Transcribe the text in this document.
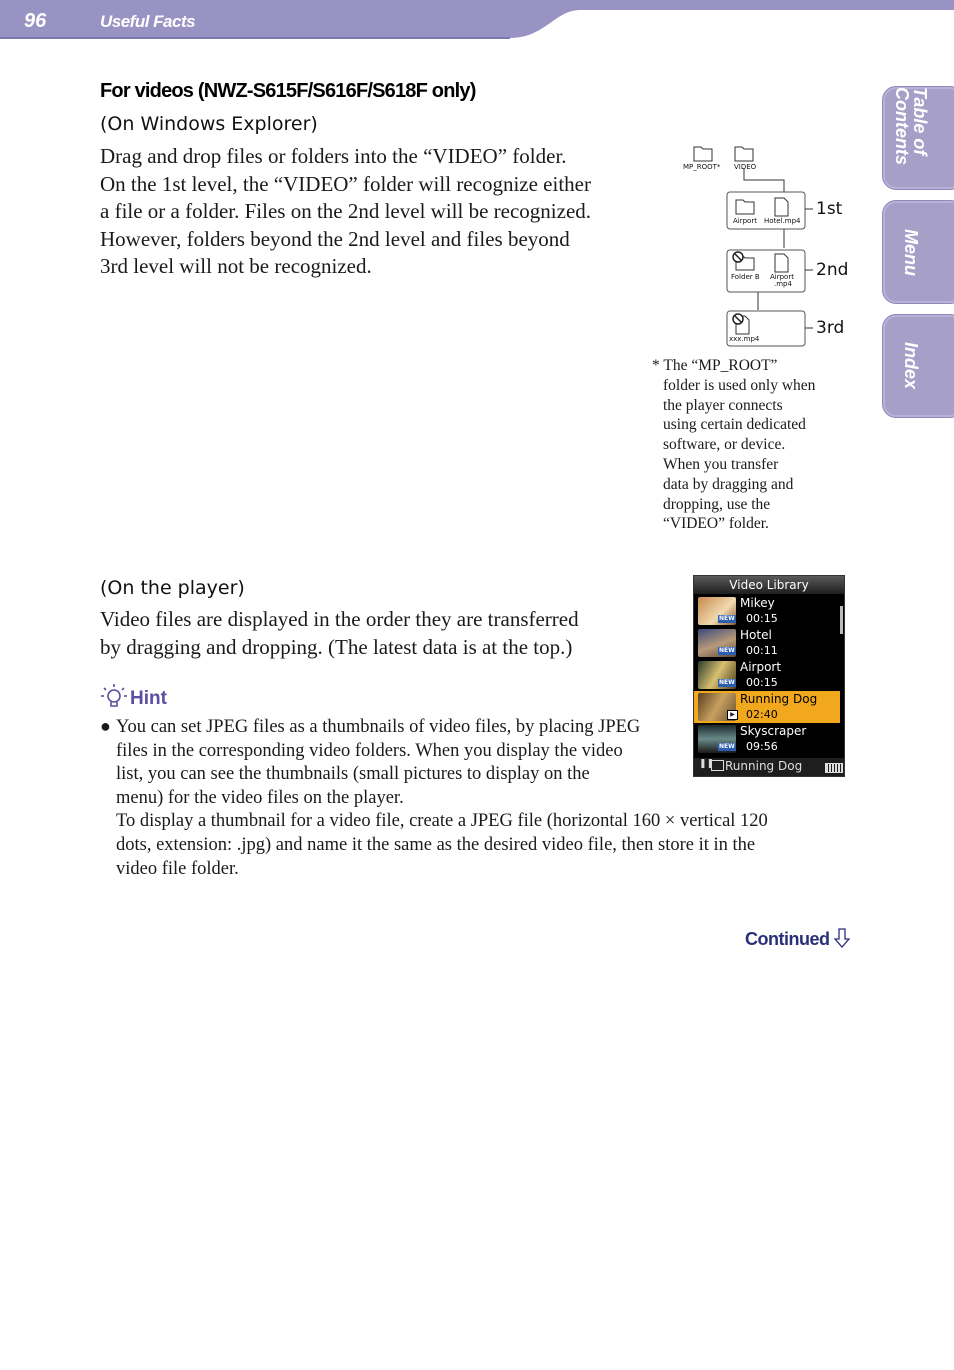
96	Useful Facts
Table of Contents
Menu
Index
For videos (NWZ-S615F/S616F/S618F only)
(On Windows Explorer)
Drag and drop files or folders into the “VIDEO” folder.
On the 1st level, the “VIDEO” folder will recognize either
a file or a folder. Files on the 2nd level will be recognized.
However, folders beyond the 2nd level and files beyond
3rd level will not be recognized.
MP_ROOT* VIDEO
Airport Hotel.mp4
1st
Folder B Airport
.mp4
2nd
xxx.mp4
3rd
* The “MP_ROOT”
folder is used only when
the player connects
using certain dedicated
software, or device.
When you transfer
data by dragging and
dropping, use the
“VIDEO” folder.
(On the player)
Video files are displayed in the order they are transferred
by dragging and dropping. (The latest data is at the top.)
Video Library
NEW
Mikey
00:15
NEW
Hotel
00:11
NEW
Airport
00:15
▶
Running Dog
02:40
NEW
Skyscraper
09:56
❚❚ Running Dog
Hint
● You can set JPEG files as a thumbnails of video files, by placing JPEG
files in the corresponding video folders. When you display the video
list, you can see the thumbnails (small pictures to display on the
menu) for the video files on the player.
To display a thumbnail for a video file, create a JPEG file (horizontal 160 × vertical 120
dots, extension: .jpg) and name it the same as the desired video file, then store it in the
video file folder.
Continued
